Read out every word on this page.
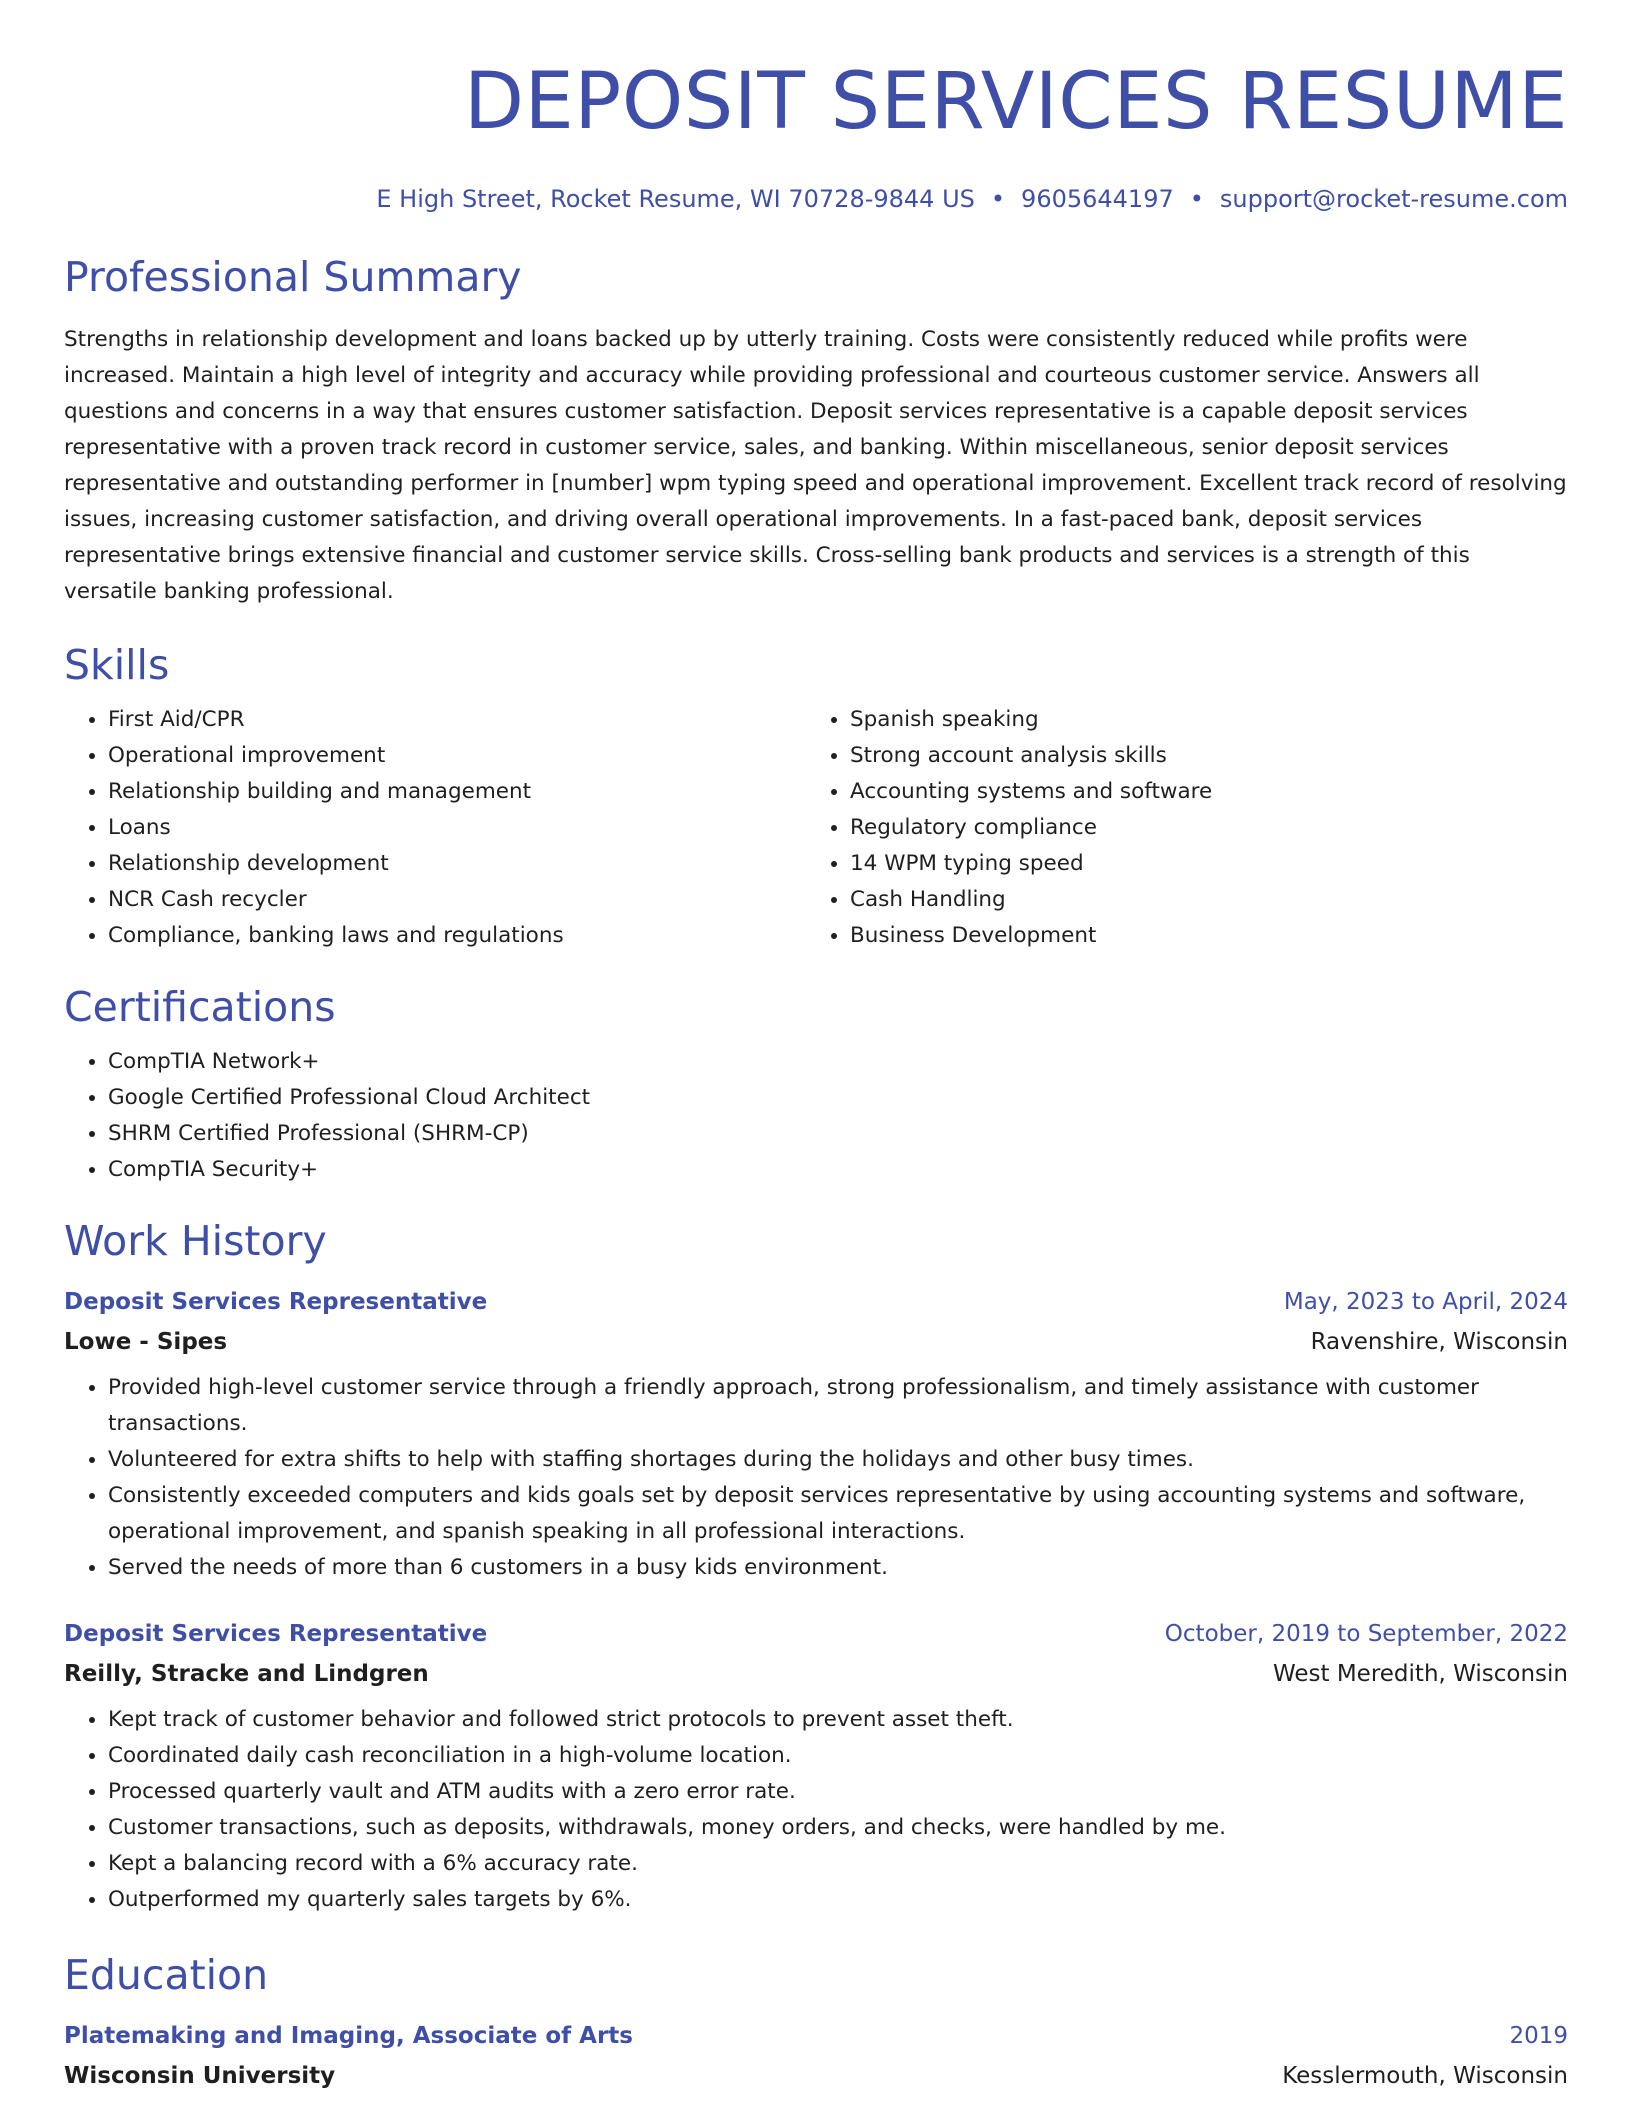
DEPOSIT SERVICES RESUME
E High Street, Rocket Resume, WI 70728-9844 US • 9605644197 • support@rocket-resume.com
Professional Summary
Strengths in relationship development and loans backed up by utterly training. Costs were consistently reduced while profits were increased. Maintain a high level of integrity and accuracy while providing professional and courteous customer service. Answers all questions and concerns in a way that ensures customer satisfaction. Deposit services representative is a capable deposit services representative with a proven track record in customer service, sales, and banking. Within miscellaneous, senior deposit services representative and outstanding performer in [number] wpm typing speed and operational improvement. Excellent track record of resolving issues, increasing customer satisfaction, and driving overall operational improvements. In a fast-paced bank, deposit services representative brings extensive financial and customer service skills. Cross-selling bank products and services is a strength of this versatile banking professional.
Skills
• First Aid/CPR
• Operational improvement
• Relationship building and management
• Loans
• Relationship development
• NCR Cash recycler
• Compliance, banking laws and regulations
• Spanish speaking
• Strong account analysis skills
• Accounting systems and software
• Regulatory compliance
• 14 WPM typing speed
• Cash Handling
• Business Development
Certifications
• CompTIA Network+
• Google Certified Professional Cloud Architect
• SHRM Certified Professional (SHRM-CP)
• CompTIA Security+
Work History
Deposit Services Representative	May, 2023 to April, 2024
Lowe - Sipes	Ravenshire, Wisconsin
• Provided high-level customer service through a friendly approach, strong professionalism, and timely assistance with customer transactions.
• Volunteered for extra shifts to help with staffing shortages during the holidays and other busy times.
• Consistently exceeded computers and kids goals set by deposit services representative by using accounting systems and software, operational improvement, and spanish speaking in all professional interactions.
• Served the needs of more than 6 customers in a busy kids environment.
Deposit Services Representative	October, 2019 to September, 2022
Reilly, Stracke and Lindgren	West Meredith, Wisconsin
• Kept track of customer behavior and followed strict protocols to prevent asset theft.
• Coordinated daily cash reconciliation in a high-volume location.
• Processed quarterly vault and ATM audits with a zero error rate.
• Customer transactions, such as deposits, withdrawals, money orders, and checks, were handled by me.
• Kept a balancing record with a 6% accuracy rate.
• Outperformed my quarterly sales targets by 6%.
Education
Platemaking and Imaging, Associate of Arts	2019
Wisconsin University	Kesslermouth, Wisconsin
